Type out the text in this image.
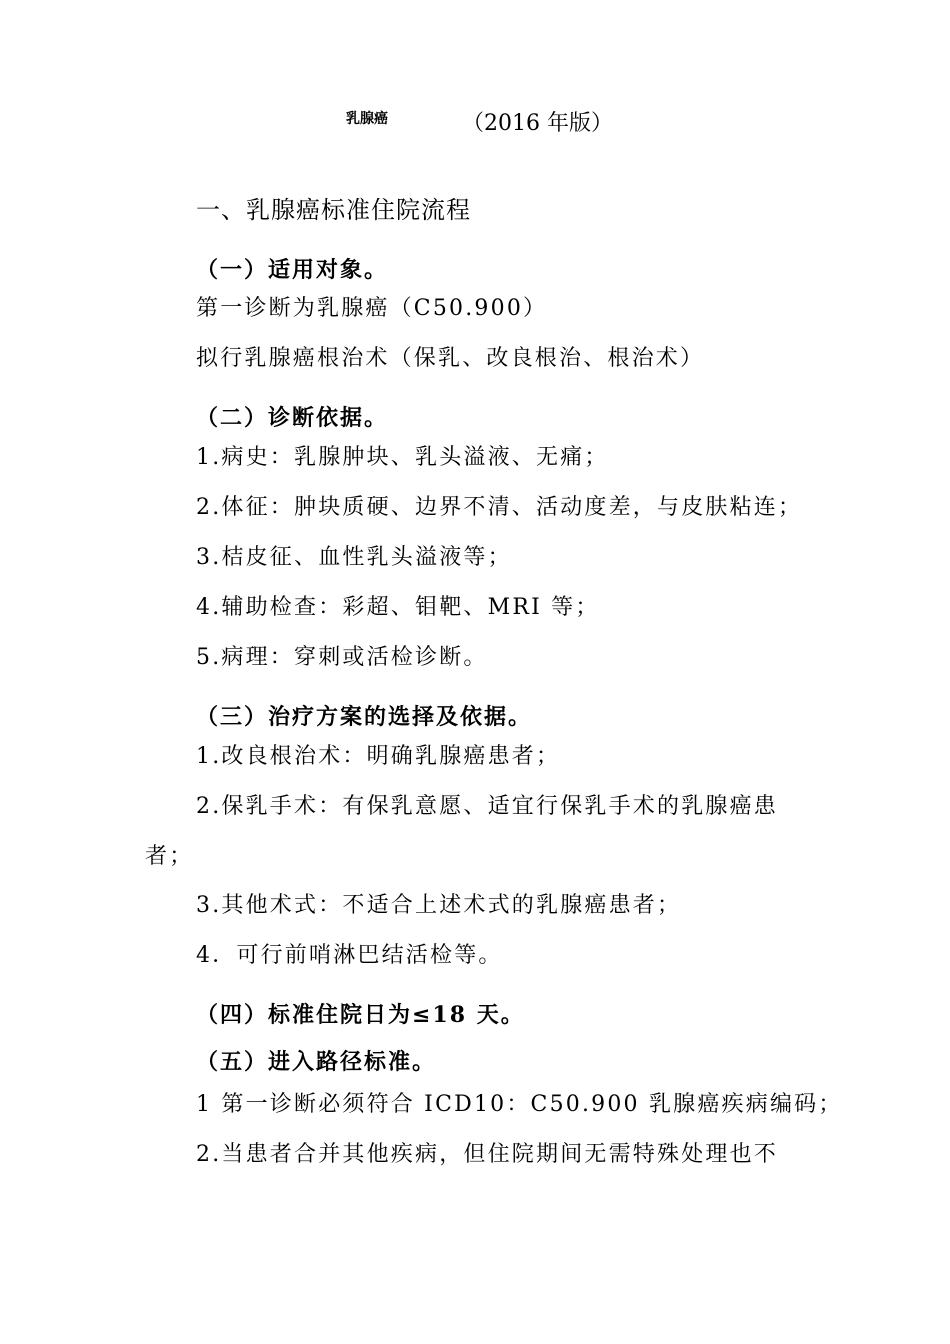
乳腺癌	（2016 年版）
一、乳腺癌标准住院流程
（一）适用对象。
第一诊断为乳腺癌（C50.900）
拟行乳腺癌根治术（保乳、改良根治、根治术）
（二）诊断依据。
1.病史：乳腺肿块、乳头溢液、无痛；
2.体征：肿块质硬、边界不清、活动度差，与皮肤粘连；
3.桔皮征、血性乳头溢液等；
4.辅助检查：彩超、钼靶、MRI 等；
5.病理：穿刺或活检诊断。
（三）治疗方案的选择及依据。
1.改良根治术：明确乳腺癌患者；
2.保乳手术：有保乳意愿、适宜行保乳手术的乳腺癌患
者；
3.其他术式：不适合上述术式的乳腺癌患者；
4．可行前哨淋巴结活检等。
（四）标准住院日为≤18 天。
（五）进入路径标准。
1 第一诊断必须符合 ICD10：C50.900 乳腺癌疾病编码；
2.当患者合并其他疾病，但住院期间无需特殊处理也不
